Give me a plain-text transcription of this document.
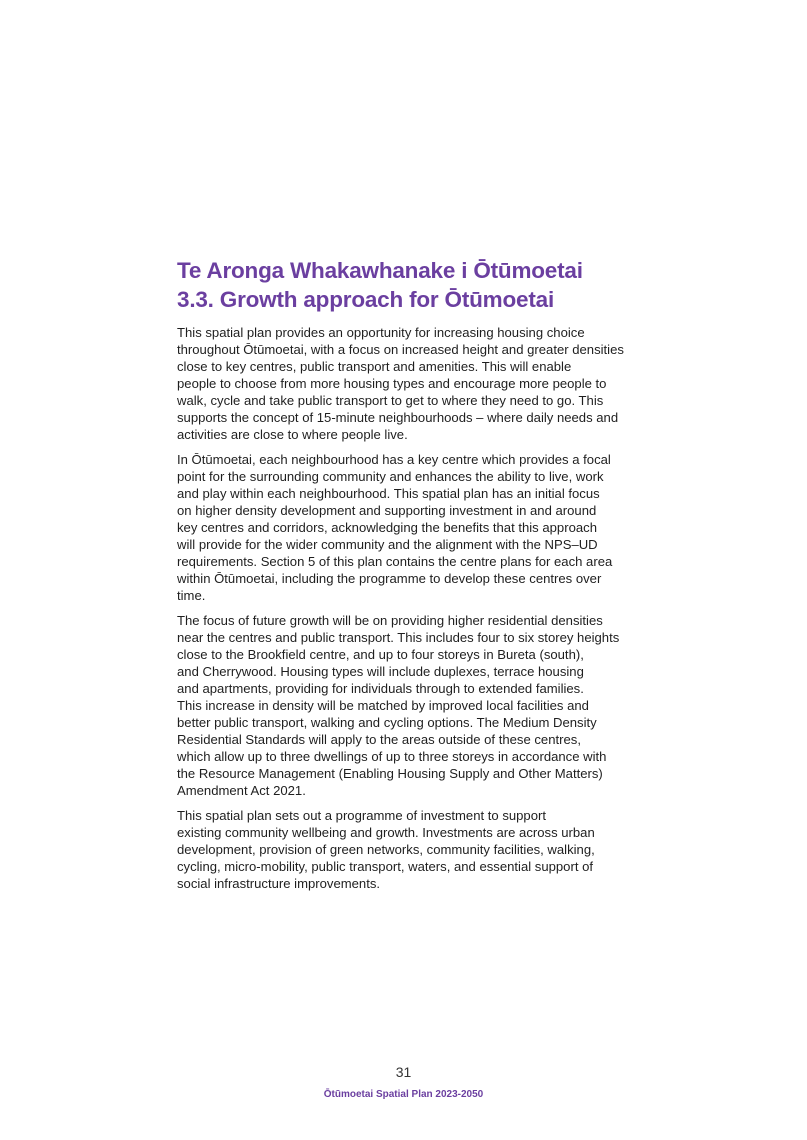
Te Aronga Whakawhanake i Ōtūmoetai
3.3. Growth approach for Ōtūmoetai

This spatial plan provides an opportunity for increasing housing choice
throughout Ōtūmoetai, with a focus on increased height and greater densities
close to key centres, public transport and amenities. This will enable
people to choose from more housing types and encourage more people to
walk, cycle and take public transport to get to where they need to go. This
supports the concept of 15-minute neighbourhoods – where daily needs and
activities are close to where people live.

In Ōtūmoetai, each neighbourhood has a key centre which provides a focal
point for the surrounding community and enhances the ability to live, work
and play within each neighbourhood. This spatial plan has an initial focus
on higher density development and supporting investment in and around
key centres and corridors, acknowledging the benefits that this approach
will provide for the wider community and the alignment with the NPS–UD
requirements. Section 5 of this plan contains the centre plans for each area
within Ōtūmoetai, including the programme to develop these centres over
time.

The focus of future growth will be on providing higher residential densities
near the centres and public transport. This includes four to six storey heights
close to the Brookfield centre, and up to four storeys in Bureta (south),
and Cherrywood. Housing types will include duplexes, terrace housing
and apartments, providing for individuals through to extended families.
This increase in density will be matched by improved local facilities and
better public transport, walking and cycling options. The Medium Density
Residential Standards will apply to the areas outside of these centres,
which allow up to three dwellings of up to three storeys in accordance with
the Resource Management (Enabling Housing Supply and Other Matters)
Amendment Act 2021.

This spatial plan sets out a programme of investment to support
existing community wellbeing and growth. Investments are across urban
development, provision of green networks, community facilities, walking,
cycling, micro-mobility, public transport, waters, and essential support of
social infrastructure improvements.

31
Ōtūmoetai Spatial Plan 2023-2050
